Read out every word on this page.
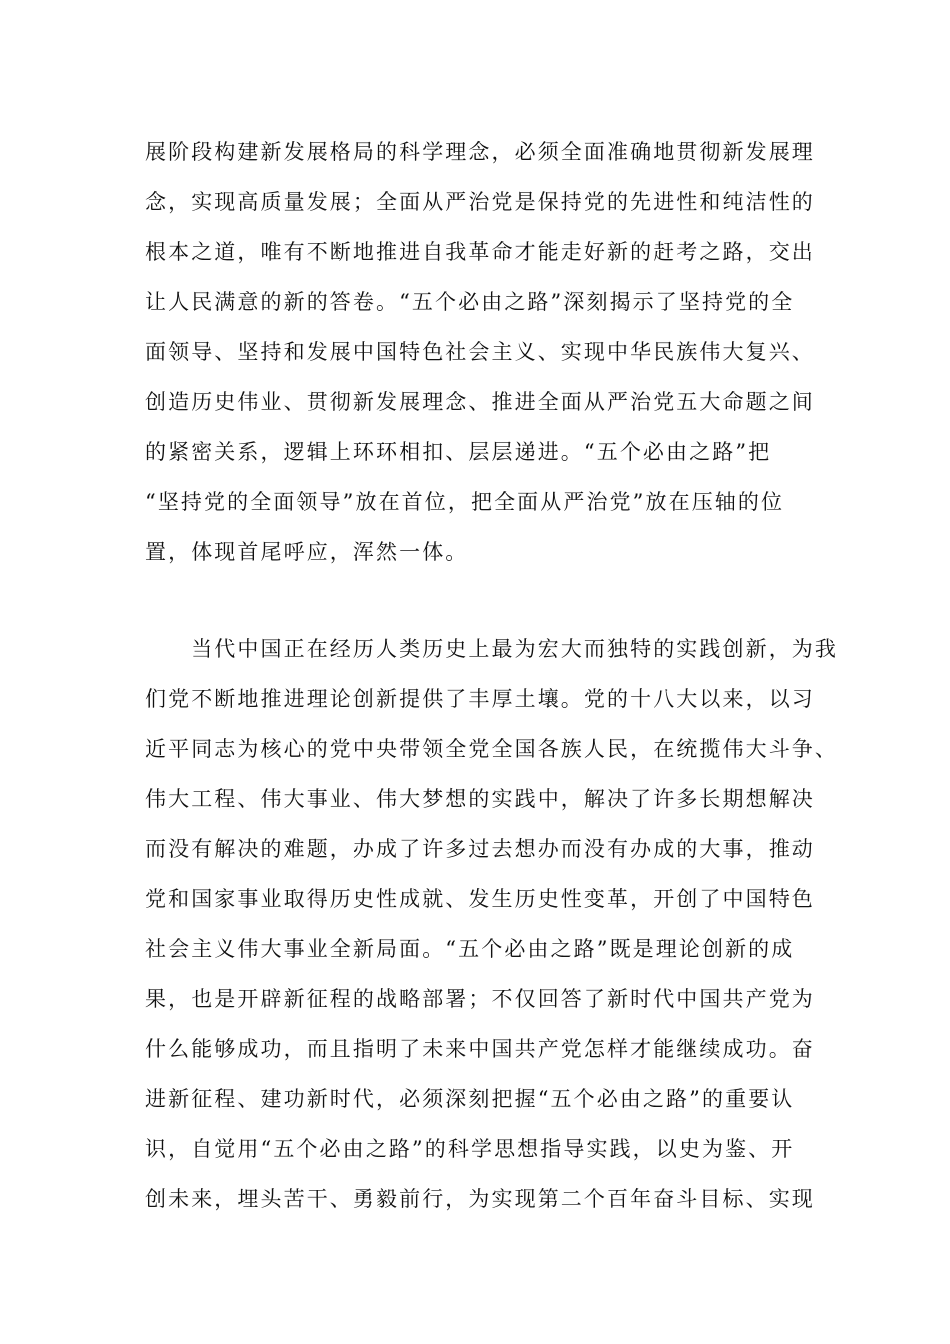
展阶段构建新发展格局的科学理念，必须全面准确地贯彻新发展理
念，实现高质量发展；全面从严治党是保持党的先进性和纯洁性的
根本之道，唯有不断地推进自我革命才能走好新的赶考之路，交出
让人民满意的新的答卷。“五个必由之路”深刻揭示了坚持党的全
面领导、坚持和发展中国特色社会主义、实现中华民族伟大复兴、
创造历史伟业、贯彻新发展理念、推进全面从严治党五大命题之间
的紧密关系，逻辑上环环相扣、层层递进。“五个必由之路”把
“坚持党的全面领导”放在首位，把全面从严治党”放在压轴的位
置，体现首尾呼应，浑然一体。
　　当代中国正在经历人类历史上最为宏大而独特的实践创新，为我
们党不断地推进理论创新提供了丰厚土壤。党的十八大以来，以习
近平同志为核心的党中央带领全党全国各族人民，在统揽伟大斗争、
伟大工程、伟大事业、伟大梦想的实践中，解决了许多长期想解决
而没有解决的难题，办成了许多过去想办而没有办成的大事，推动
党和国家事业取得历史性成就、发生历史性变革，开创了中国特色
社会主义伟大事业全新局面。“五个必由之路”既是理论创新的成
果，也是开辟新征程的战略部署；不仅回答了新时代中国共产党为
什么能够成功，而且指明了未来中国共产党怎样才能继续成功。奋
进新征程、建功新时代，必须深刻把握“五个必由之路”的重要认
识，自觉用“五个必由之路”的科学思想指导实践，以史为鉴、开
创未来，埋头苦干、勇毅前行，为实现第二个百年奋斗目标、实现
